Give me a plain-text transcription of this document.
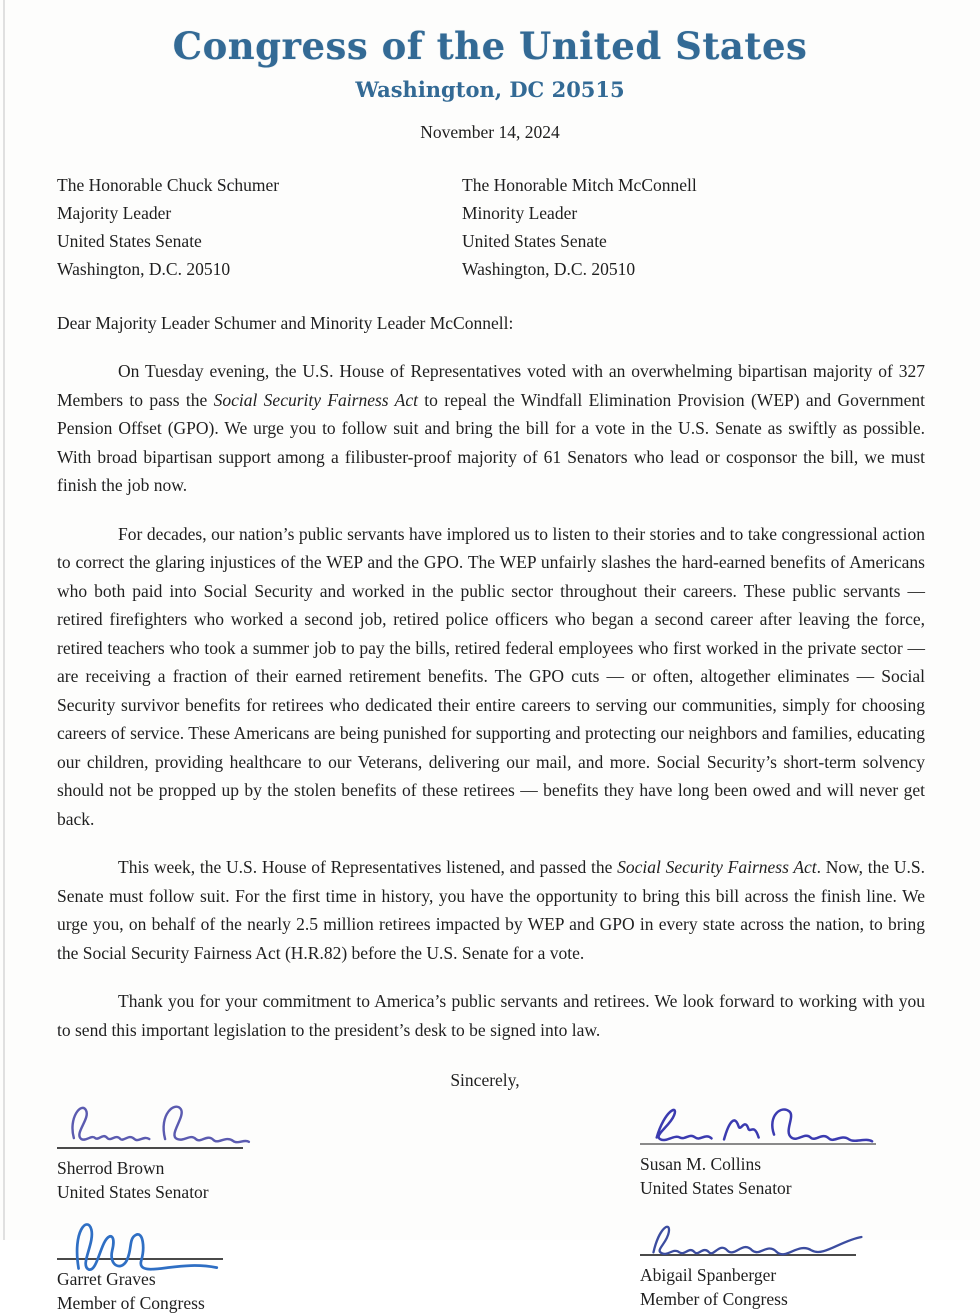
Congress of the United States
Washington, DC 20515
November 14, 2024
The Honorable Chuck Schumer
Majority Leader
United States Senate
Washington, D.C. 20510
The Honorable Mitch McConnell
Minority Leader
United States Senate
Washington, D.C. 20510
Dear Majority Leader Schumer and Minority Leader McConnell:

On Tuesday evening, the U.S. House of Representatives voted with an overwhelming bipartisan majority of 327 Members to pass the Social Security Fairness Act to repeal the Windfall Elimination Provision (WEP) and Government Pension Offset (GPO). We urge you to follow suit and bring the bill for a vote in the U.S. Senate as swiftly as possible. With broad bipartisan support among a filibuster-proof majority of 61 Senators who lead or cosponsor the bill, we must finish the job now.

For decades, our nation’s public servants have implored us to listen to their stories and to take congressional action to correct the glaring injustices of the WEP and the GPO. The WEP unfairly slashes the hard-earned benefits of Americans who both paid into Social Security and worked in the public sector throughout their careers. These public servants — retired firefighters who worked a second job, retired police officers who began a second career after leaving the force, retired teachers who took a summer job to pay the bills, retired federal employees who first worked in the private sector — are receiving a fraction of their earned retirement benefits. The GPO cuts — or often, altogether eliminates — Social Security survivor benefits for retirees who dedicated their entire careers to serving our communities, simply for choosing careers of service. These Americans are being punished for supporting and protecting our neighbors and families, educating our children, providing healthcare to our Veterans, delivering our mail, and more. Social Security’s short-term solvency should not be propped up by the stolen benefits of these retirees — benefits they have long been owed and will never get back.

This week, the U.S. House of Representatives listened, and passed the Social Security Fairness Act. Now, the U.S. Senate must follow suit. For the first time in history, you have the opportunity to bring this bill across the finish line. We urge you, on behalf of the nearly 2.5 million retirees impacted by WEP and GPO in every state across the nation, to bring the Social Security Fairness Act (H.R.82) before the U.S. Senate for a vote.

Thank you for your commitment to America’s public servants and retirees. We look forward to working with you to send this important legislation to the president’s desk to be signed into law.

Sincerely,
Sherrod Brown
United States Senator
Susan M. Collins
United States Senator
Garret Graves
Member of Congress
Abigail Spanberger
Member of Congress
